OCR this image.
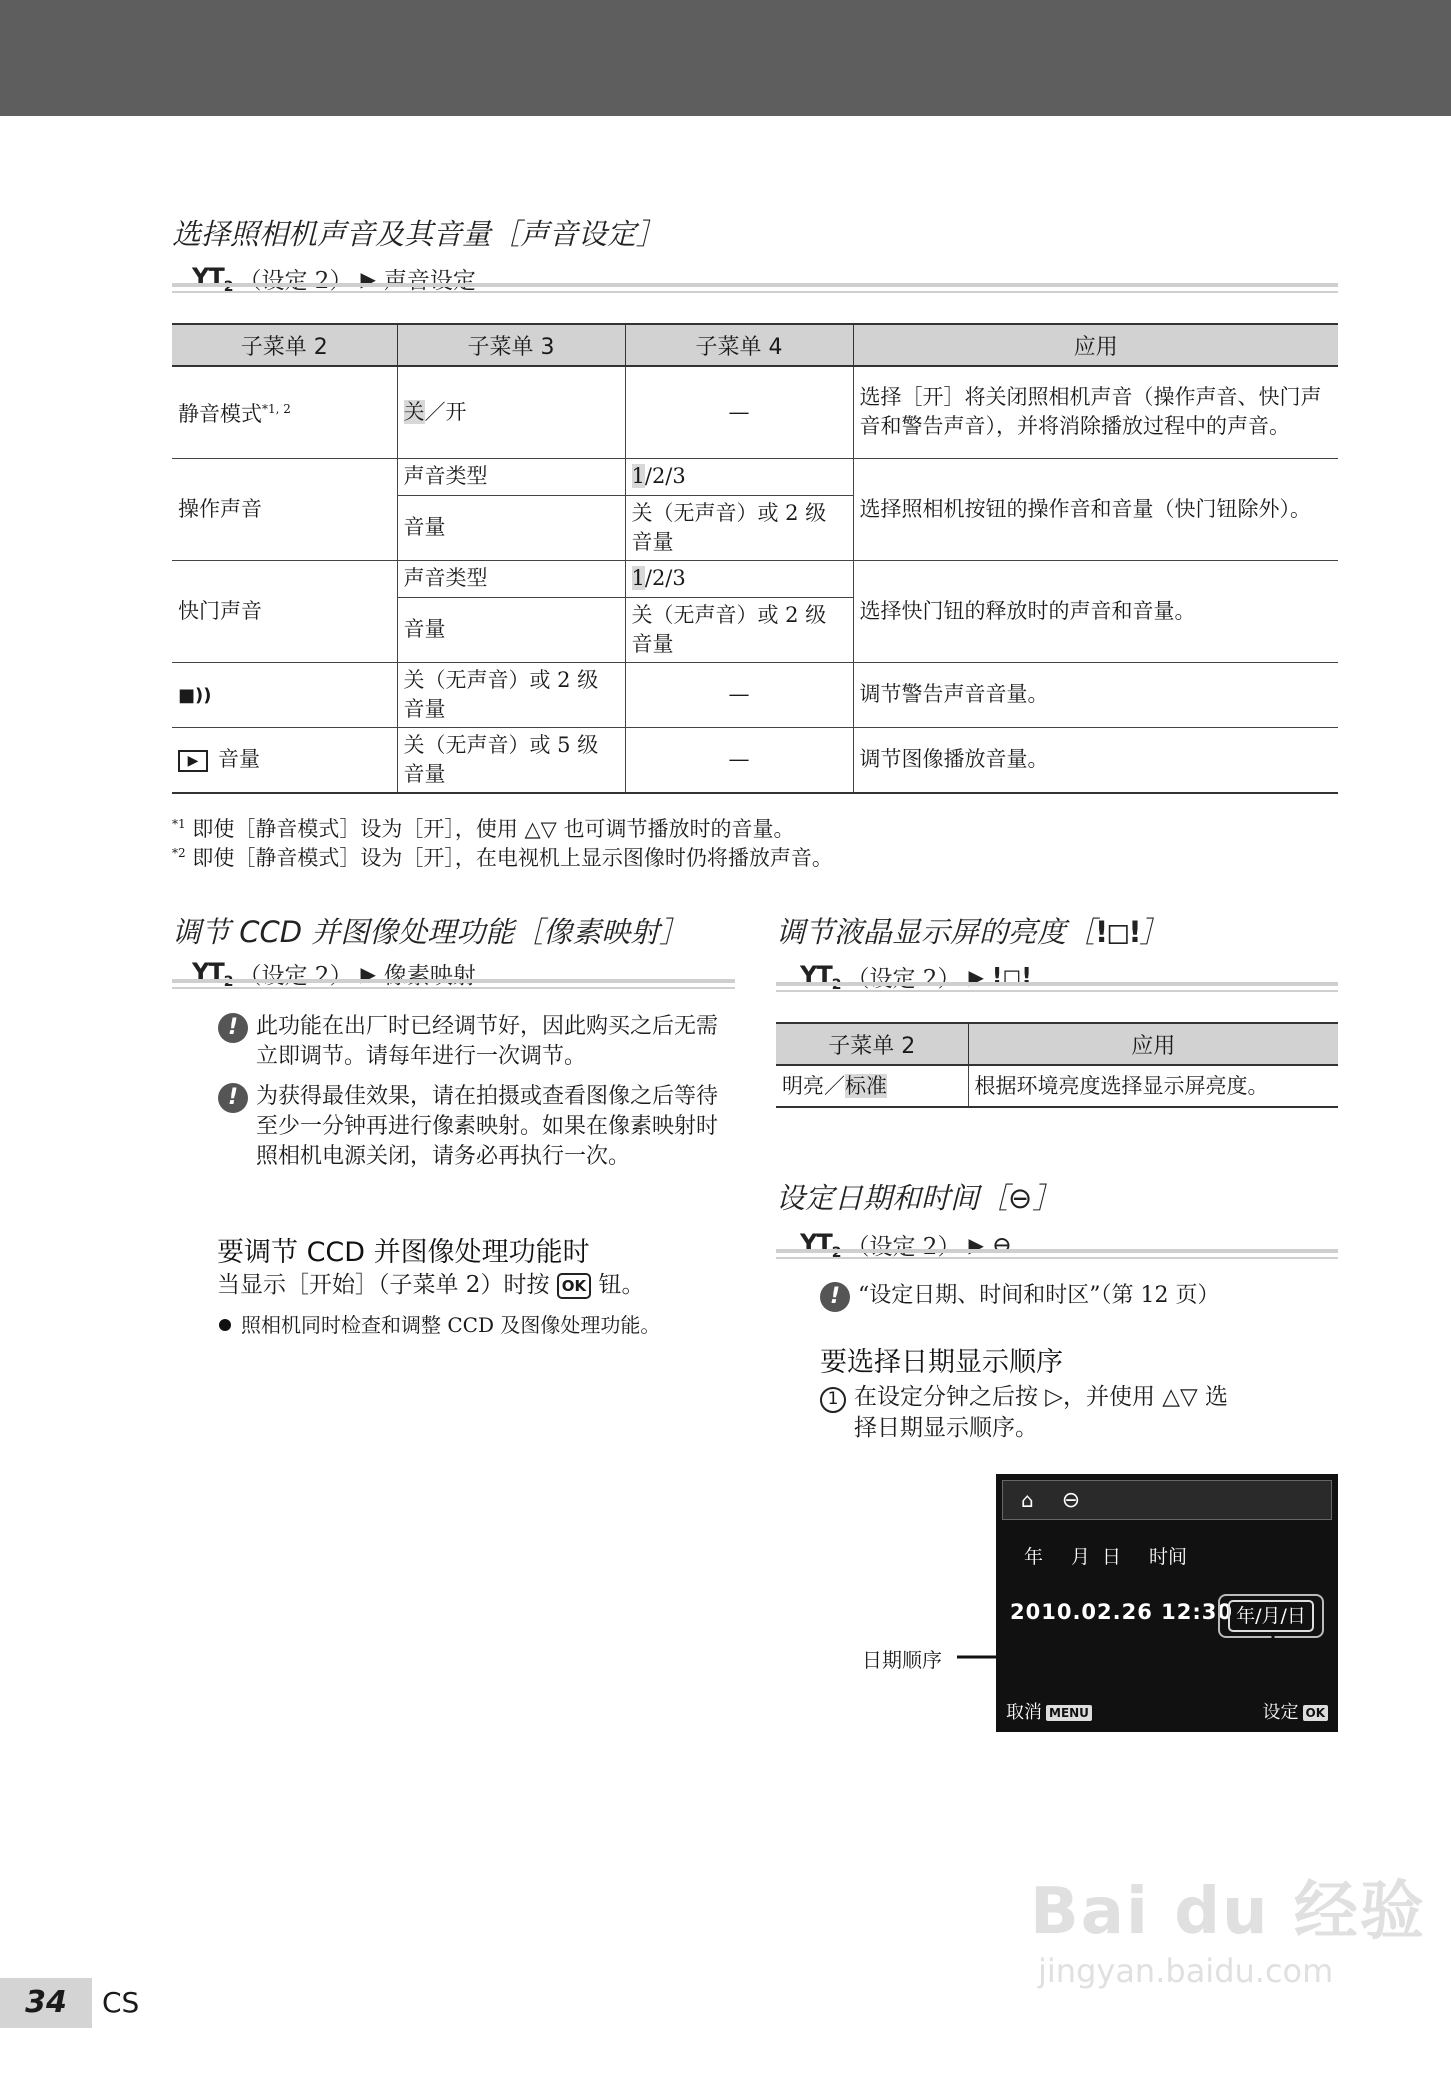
选择照相机声音及其音量［声音设定］
$YT_2$ （设定 2） ▶ 声音设定
子菜单 2	子菜单 3	子菜单 4	应用
静音模式$^{*1, 2}$	关／开	—	选择［开］将关闭照相机声音（操作声音、快门声音和警告声音），并将消除播放过程中的声音。
操作声音	声音类型	1/2/3	选择照相机按钮的操作音和音量（快门钮除外）。
	音量	关（无声音）或 2 级音量	
快门声音	声音类型	1/2/3	选择快门钮的释放时的声音和音量。
	音量	关（无声音）或 2 级音量	
■))	关（无声音）或 2 级音量	—	调节警告声音音量。
▶ 音量	关（无声音）或 5 级音量	—	调节图像播放音量。
$^{*1}$ 即使［静音模式］设为［开］，使用 △▽ 也可调节播放时的音量。
$^{*2}$ 即使［静音模式］设为［开］，在电视机上显示图像时仍将播放声音。
调节 CCD 并图像处理功能［像素映射］
$YT_2$ （设定 2） ▶ 像素映射
! 此功能在出厂时已经调节好，因此购买之后无需立即调节。请每年进行一次调节。
! 为获得最佳效果，请在拍摄或查看图像之后等待至少一分钟再进行像素映射。如果在像素映射时照相机电源关闭，请务必再执行一次。
要调节 CCD 并图像处理功能时
当显示［开始］（子菜单 2）时按 OK 钮。
照相机同时检查和调整 CCD 及图像处理功能。
调节液晶显示屏的亮度［!◻!］
$YT_2$ （设定 2） ▶ !◻!
子菜单 2	应用
明亮／标准	根据环境亮度选择显示屏亮度。
设定日期和时间［⊖］
$YT_2$ （设定 2） ▶ ⊖
! “设定日期、时间和时区”（第 12 页）
要选择日期显示顺序
1 在设定分钟之后按 ▷，并使用 △▽ 选
择日期显示顺序。
⌂ ⊖
年 月 日 时间
2010.02.26 12:30 年/月/日
取消 MENU	设定 OK
日期顺序
34	CS
Bai du 经验
jingyan.baidu.com
